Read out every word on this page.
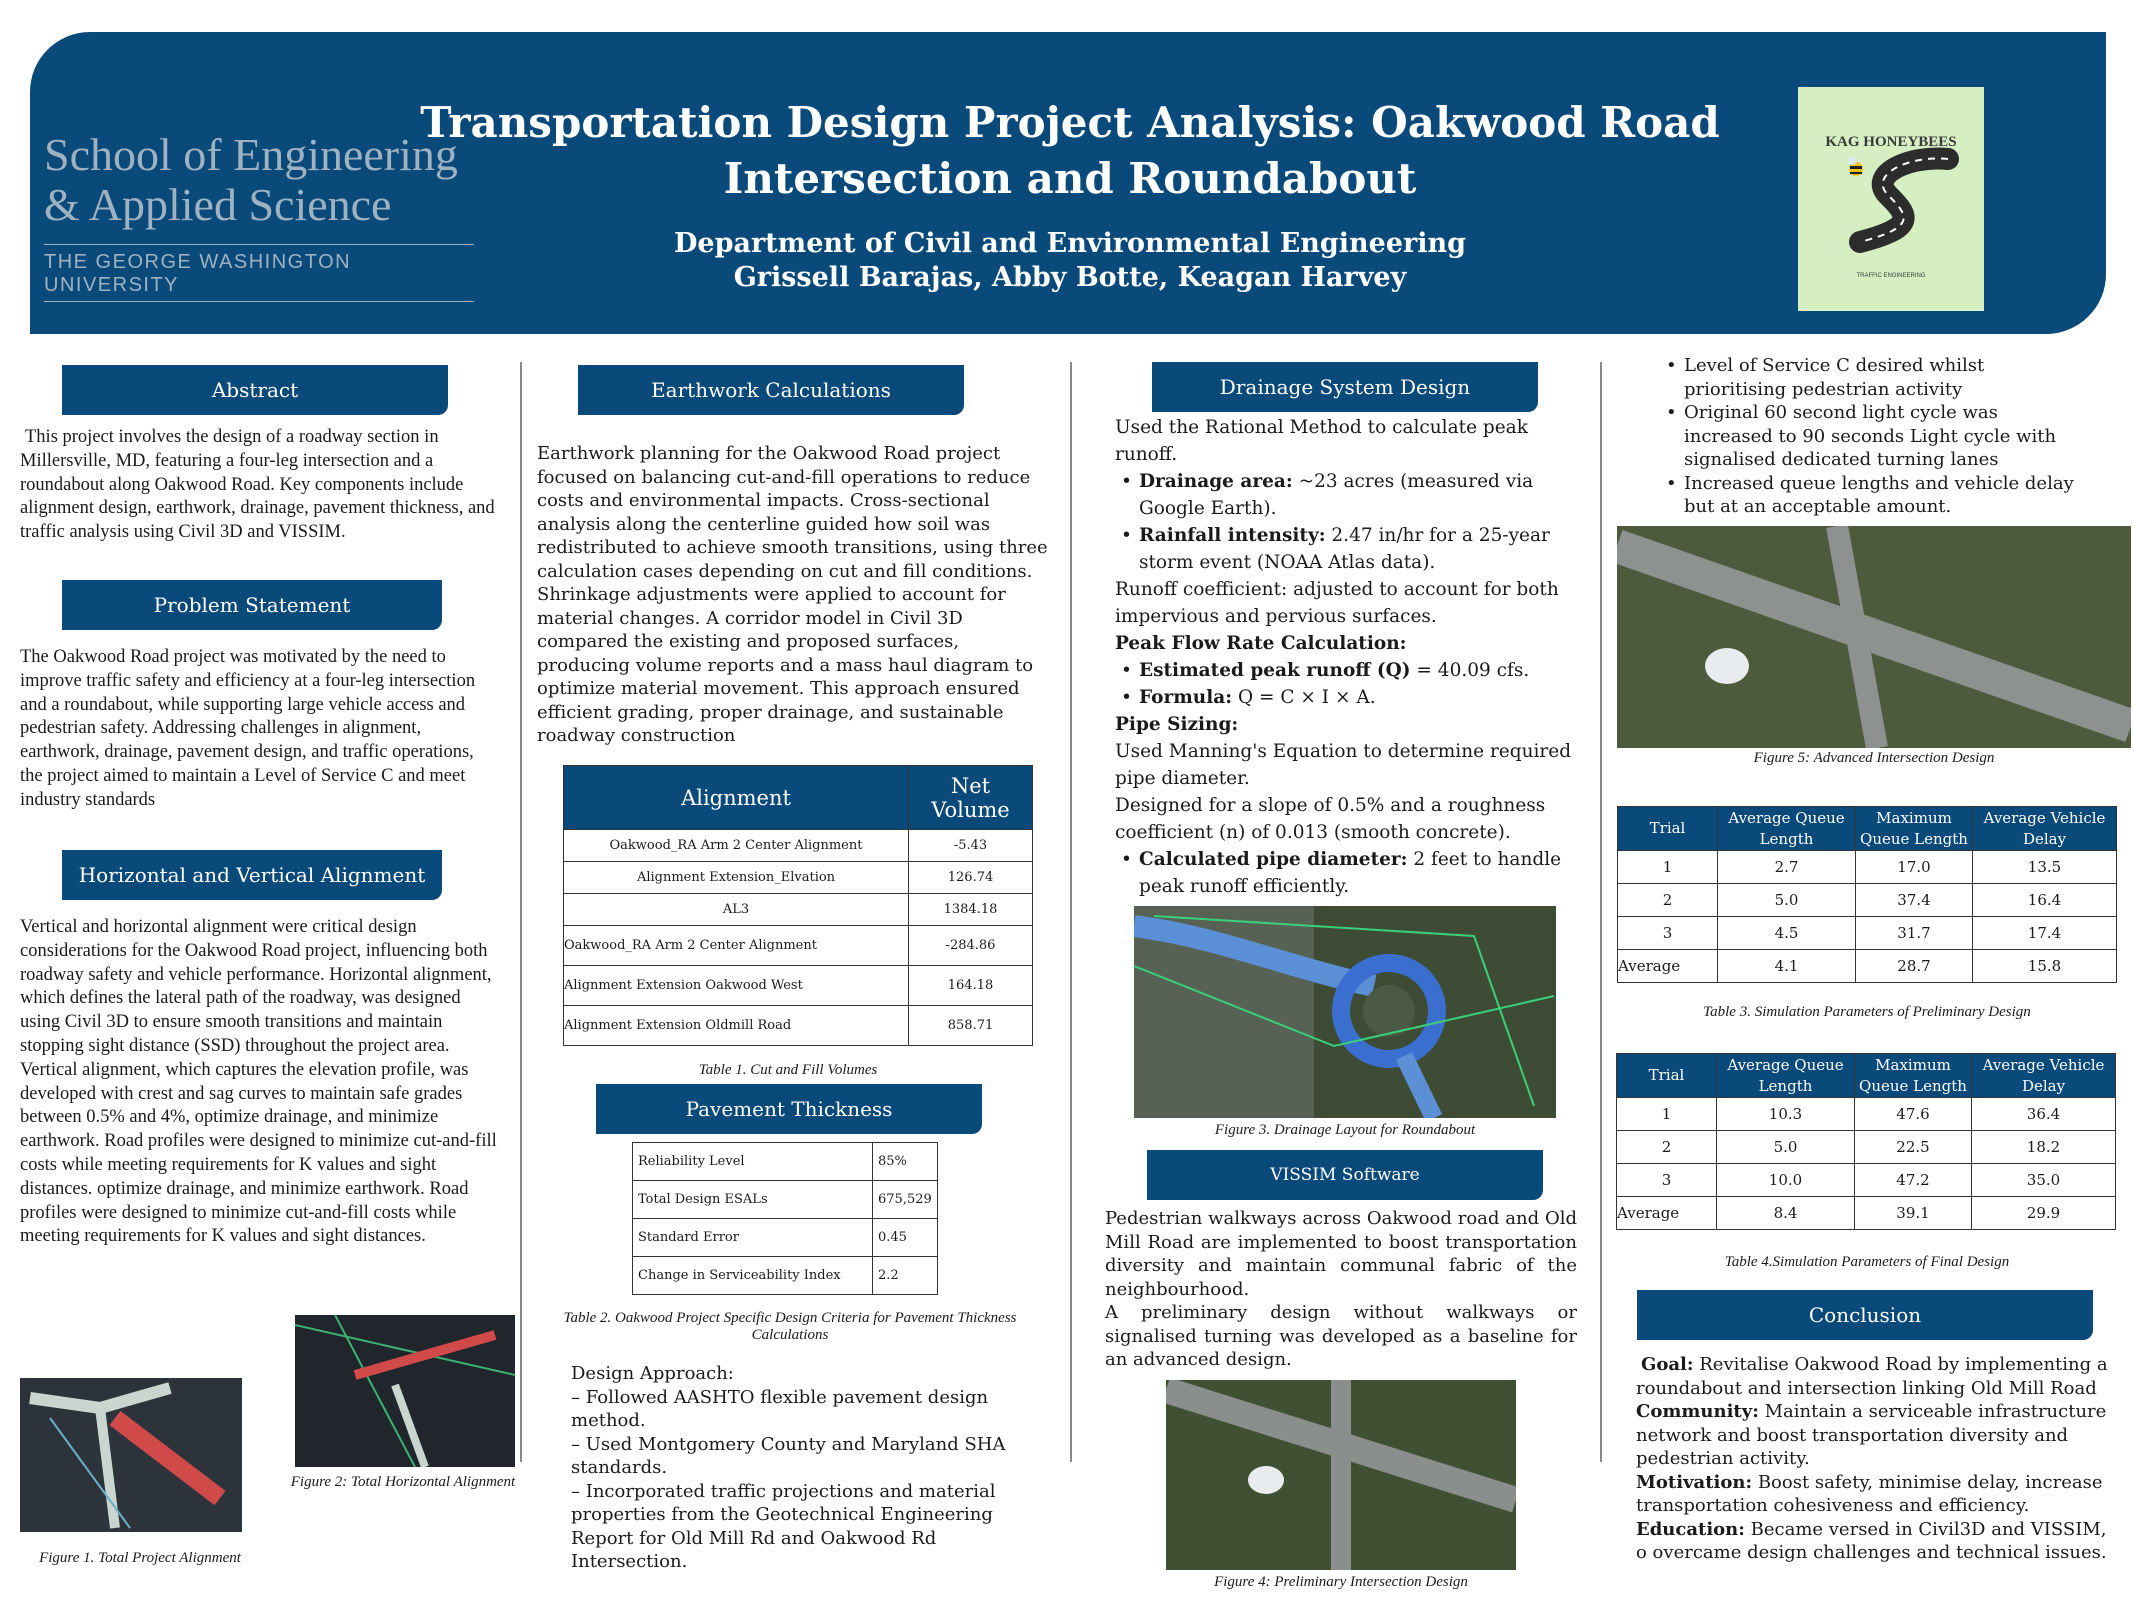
School of Engineering
& Applied Science
THE GEORGE WASHINGTON UNIVERSITY
Transportation Design Project Analysis: Oakwood Road
Intersection and Roundabout
Department of Civil and Environmental Engineering
Grissell Barajas, Abby Botte, Keagan Harvey
KAG HONEYBEES
TRAFFIC ENGINEERING
Abstract
This project involves the design of a roadway section in Millersville, MD, featuring a four-leg intersection and a roundabout along Oakwood Road. Key components include alignment design, earthwork, drainage, pavement thickness, and traffic analysis using Civil 3D and VISSIM.
Problem Statement
The Oakwood Road project was motivated by the need to improve traffic safety and efficiency at a four-leg intersection and a roundabout, while supporting large vehicle access and pedestrian safety. Addressing challenges in alignment, earthwork, drainage, pavement design, and traffic operations, the project aimed to maintain a Level of Service C and meet industry standards
Horizontal and Vertical Alignment
Vertical and horizontal alignment were critical design considerations for the Oakwood Road project, influencing both roadway safety and vehicle performance. Horizontal alignment, which defines the lateral path of the roadway, was designed using Civil 3D to ensure smooth transitions and maintain stopping sight distance (SSD) throughout the project area. Vertical alignment, which captures the elevation profile, was developed with crest and sag curves to maintain safe grades between 0.5% and 4%, optimize drainage, and minimize earthwork. Road profiles were designed to minimize cut-and-fill costs while meeting requirements for K values and sight distances. optimize drainage, and minimize earthwork. Road profiles were designed to minimize cut-and-fill costs while meeting requirements for K values and sight distances.
Figure 1. Total Project Alignment
Figure 2: Total Horizontal Alignment
Earthwork Calculations
Earthwork planning for the Oakwood Road project focused on balancing cut-and-fill operations to reduce costs and environmental impacts. Cross-sectional analysis along the centerline guided how soil was redistributed to achieve smooth transitions, using three calculation cases depending on cut and fill conditions. Shrinkage adjustments were applied to account for material changes. A corridor model in Civil 3D compared the existing and proposed surfaces, producing volume reports and a mass haul diagram to optimize material movement. This approach ensured efficient grading, proper drainage, and sustainable roadway construction
Alignment	Net Volume
Oakwood_RA Arm 2 Center Alignment	-5.43
Alignment Extension_Elvation	126.74
AL3	1384.18
Oakwood_RA Arm 2 Center Alignment	-284.86
Alignment Extension Oakwood West	164.18
Alignment Extension Oldmill Road	858.71
Table 1. Cut and Fill Volumes
Pavement Thickness
Reliability Level	85%
Total Design ESALs	675,529
Standard Error	0.45
Change in Serviceability Index	2.2
Table 2. Oakwood Project Specific Design Criteria for Pavement Thickness
Calculations
Design Approach:
– Followed AASHTO flexible pavement design method.
– Used Montgomery County and Maryland SHA standards.
– Incorporated traffic projections and material properties from the Geotechnical Engineering Report for Old Mill Rd and Oakwood Rd Intersection.
Drainage System Design
Used the Rational Method to calculate peak runoff.
• Drainage area: ~23 acres (measured via Google Earth).
• Rainfall intensity: 2.47 in/hr for a 25-year storm event (NOAA Atlas data).
Runoff coefficient: adjusted to account for both impervious and pervious surfaces.
Peak Flow Rate Calculation:
• Estimated peak runoff (Q) = 40.09 cfs.
• Formula: Q = C × I × A.
Pipe Sizing:
Used Manning's Equation to determine required pipe diameter.
Designed for a slope of 0.5% and a roughness coefficient (n) of 0.013 (smooth concrete).
• Calculated pipe diameter: 2 feet to handle peak runoff efficiently.
Figure 3. Drainage Layout for Roundabout
VISSIM Software
Pedestrian walkways across Oakwood road and Old Mill Road are implemented to boost transportation diversity and maintain communal fabric of the neighbourhood.
A preliminary design without walkways or signalised turning was developed as a baseline for an advanced design.
Figure 4: Preliminary Intersection Design
• Level of Service C desired whilst prioritising pedestrian activity
• Original 60 second light cycle was increased to 90 seconds Light cycle with signalised dedicated turning lanes
• Increased queue lengths and vehicle delay but at an acceptable amount.
Figure 5: Advanced Intersection Design
Trial	Average Queue Length	Maximum Queue Length	Average Vehicle Delay
1	2.7	17.0	13.5
2	5.0	37.4	16.4
3	4.5	31.7	17.4
Average	4.1	28.7	15.8
Table 3. Simulation Parameters of Preliminary Design
Trial	Average Queue Length	Maximum Queue Length	Average Vehicle Delay
1	10.3	47.6	36.4
2	5.0	22.5	18.2
3	10.0	47.2	35.0
Average	8.4	39.1	29.9
Table 4.Simulation Parameters of Final Design
Conclusion
Goal: Revitalise Oakwood Road by implementing a roundabout and intersection linking Old Mill Road
Community: Maintain a serviceable infrastructure network and boost transportation diversity and pedestrian activity.
Motivation: Boost safety, minimise delay, increase transportation cohesiveness and efficiency.
Education: Became versed in Civil3D and VISSIM, o overcame design challenges and technical issues.
